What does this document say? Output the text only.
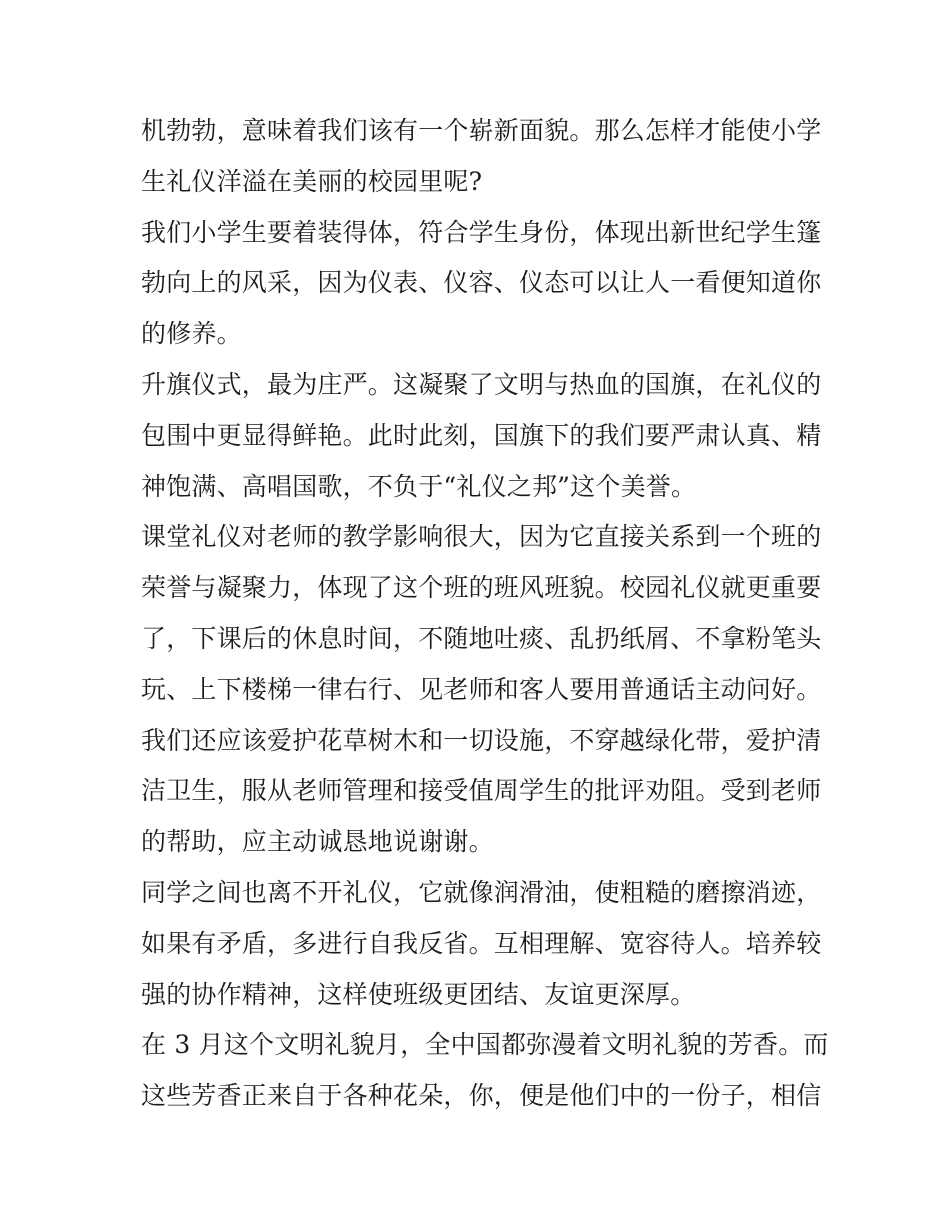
机勃勃，意味着我们该有一个崭新面貌。那么怎样才能使小学
生礼仪洋溢在美丽的校园里呢?
我们小学生要着装得体，符合学生身份，体现出新世纪学生篷
勃向上的风采，因为仪表、仪容、仪态可以让人一看便知道你
的修养。
升旗仪式，最为庄严。这凝聚了文明与热血的国旗，在礼仪的
包围中更显得鲜艳。此时此刻，国旗下的我们要严肃认真、精
神饱满、高唱国歌，不负于“礼仪之邦”这个美誉。
课堂礼仪对老师的教学影响很大，因为它直接关系到一个班的
荣誉与凝聚力，体现了这个班的班风班貌。校园礼仪就更重要
了，下课后的休息时间，不随地吐痰、乱扔纸屑、不拿粉笔头
玩、上下楼梯一律右行、见老师和客人要用普通话主动问好。
我们还应该爱护花草树木和一切设施，不穿越绿化带，爱护清
洁卫生，服从老师管理和接受值周学生的批评劝阻。受到老师
的帮助，应主动诚恳地说谢谢。
同学之间也离不开礼仪，它就像润滑油，使粗糙的磨擦消迹，
如果有矛盾，多进行自我反省。互相理解、宽容待人。培养较
强的协作精神，这样使班级更团结、友谊更深厚。
在 3 月这个文明礼貌月，全中国都弥漫着文明礼貌的芳香。而
这些芳香正来自于各种花朵，你，便是他们中的一份子，相信
